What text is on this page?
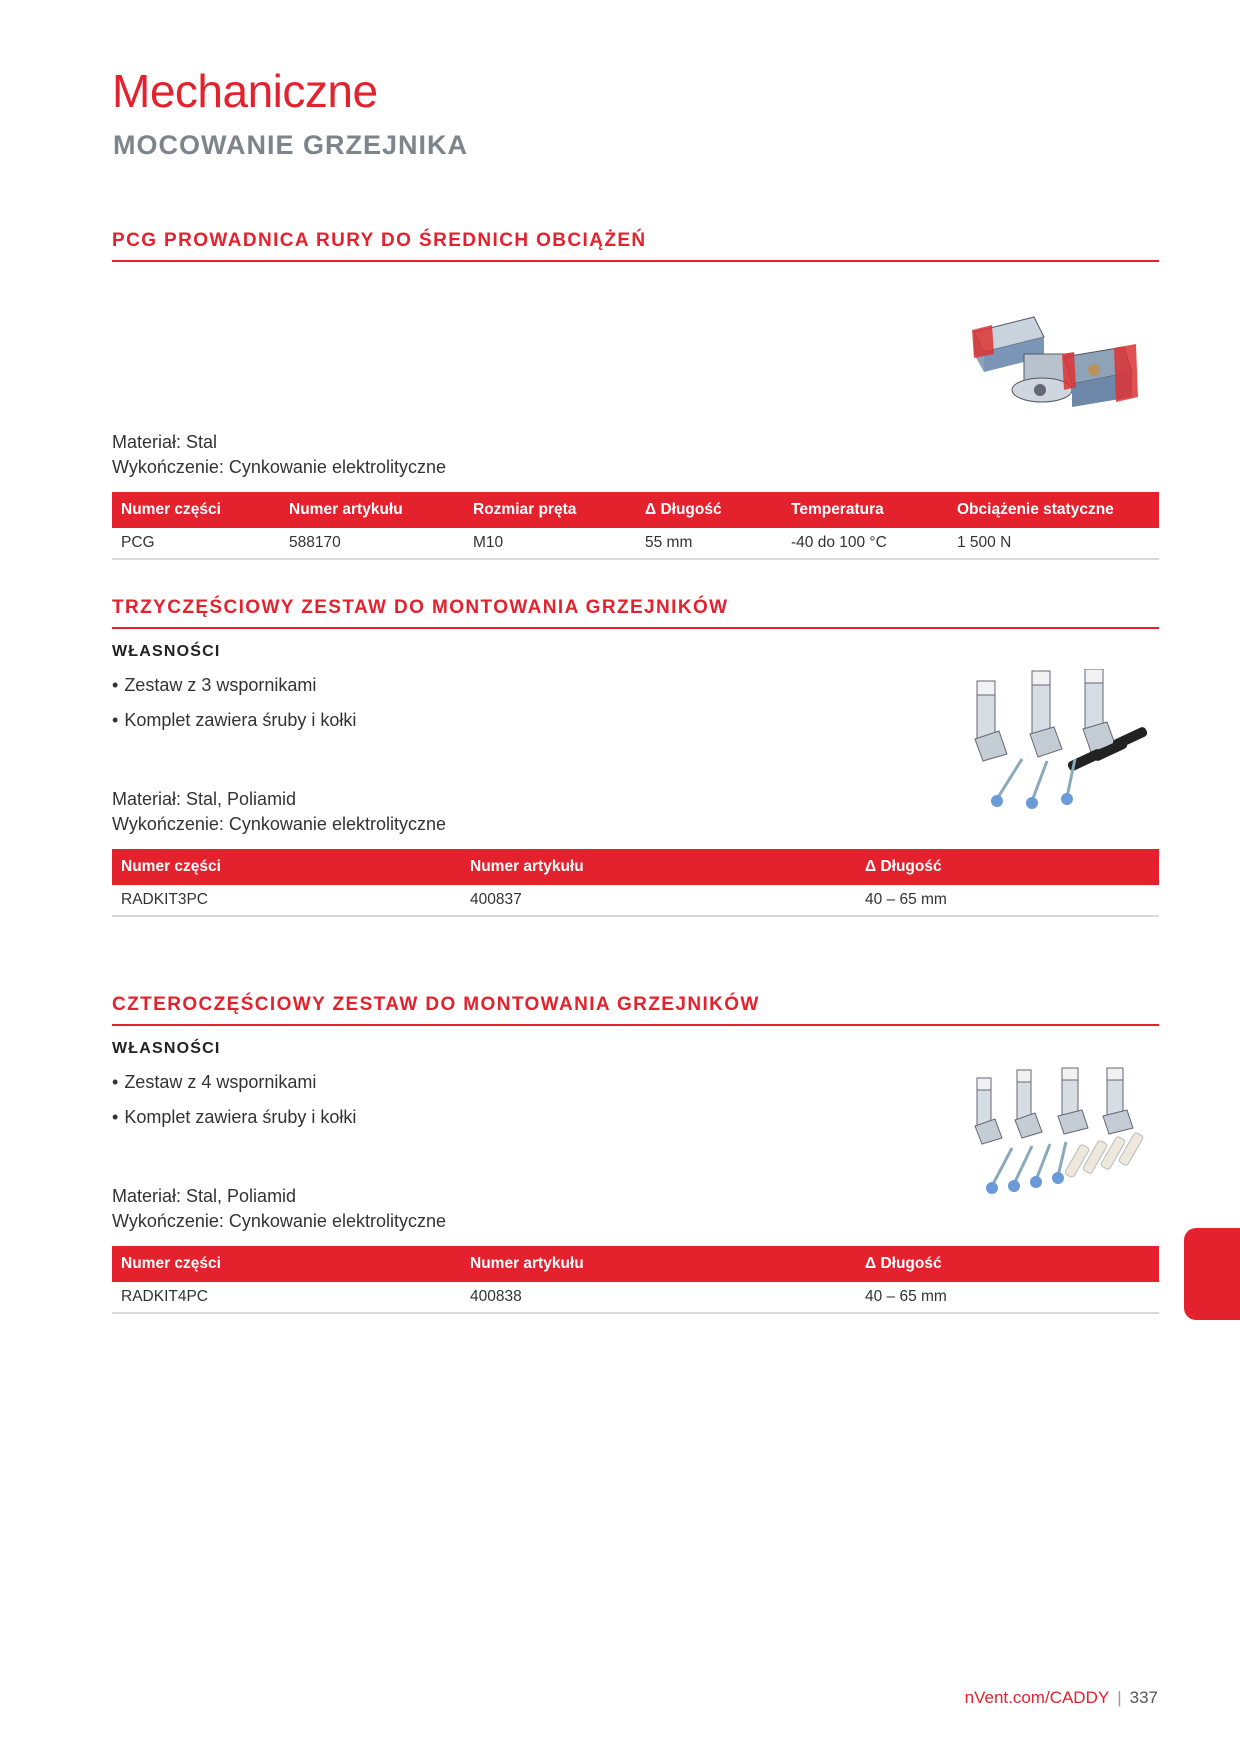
Mechaniczne
MOCOWANIE GRZEJNIKA
PCG PROWADNICA RURY DO ŚREDNICH OBCIĄŻEŃ
Materiał: Stal
Wykończenie: Cynkowanie elektrolityczne
Numer części	Numer artykułu	Rozmiar pręta	Δ Długość	Temperatura	Obciążenie statyczne
PCG	588170	M10	55 mm	-40 do 100 °C	1 500 N
TRZYCZĘŚCIOWY ZESTAW DO MONTOWANIA GRZEJNIKÓW
WŁASNOŚCI
• Zestaw z 3 wspornikami
• Komplet zawiera śruby i kołki
Materiał: Stal, Poliamid
Wykończenie: Cynkowanie elektrolityczne
Numer części	Numer artykułu	Δ Długość
RADKIT3PC	400837	40 – 65 mm
CZTEROCZĘŚCIOWY ZESTAW DO MONTOWANIA GRZEJNIKÓW
WŁASNOŚCI
• Zestaw z 4 wspornikami
• Komplet zawiera śruby i kołki
Materiał: Stal, Poliamid
Wykończenie: Cynkowanie elektrolityczne
Numer części	Numer artykułu	Δ Długość
RADKIT4PC	400838	40 – 65 mm
nVent.com/CADDY | 337
